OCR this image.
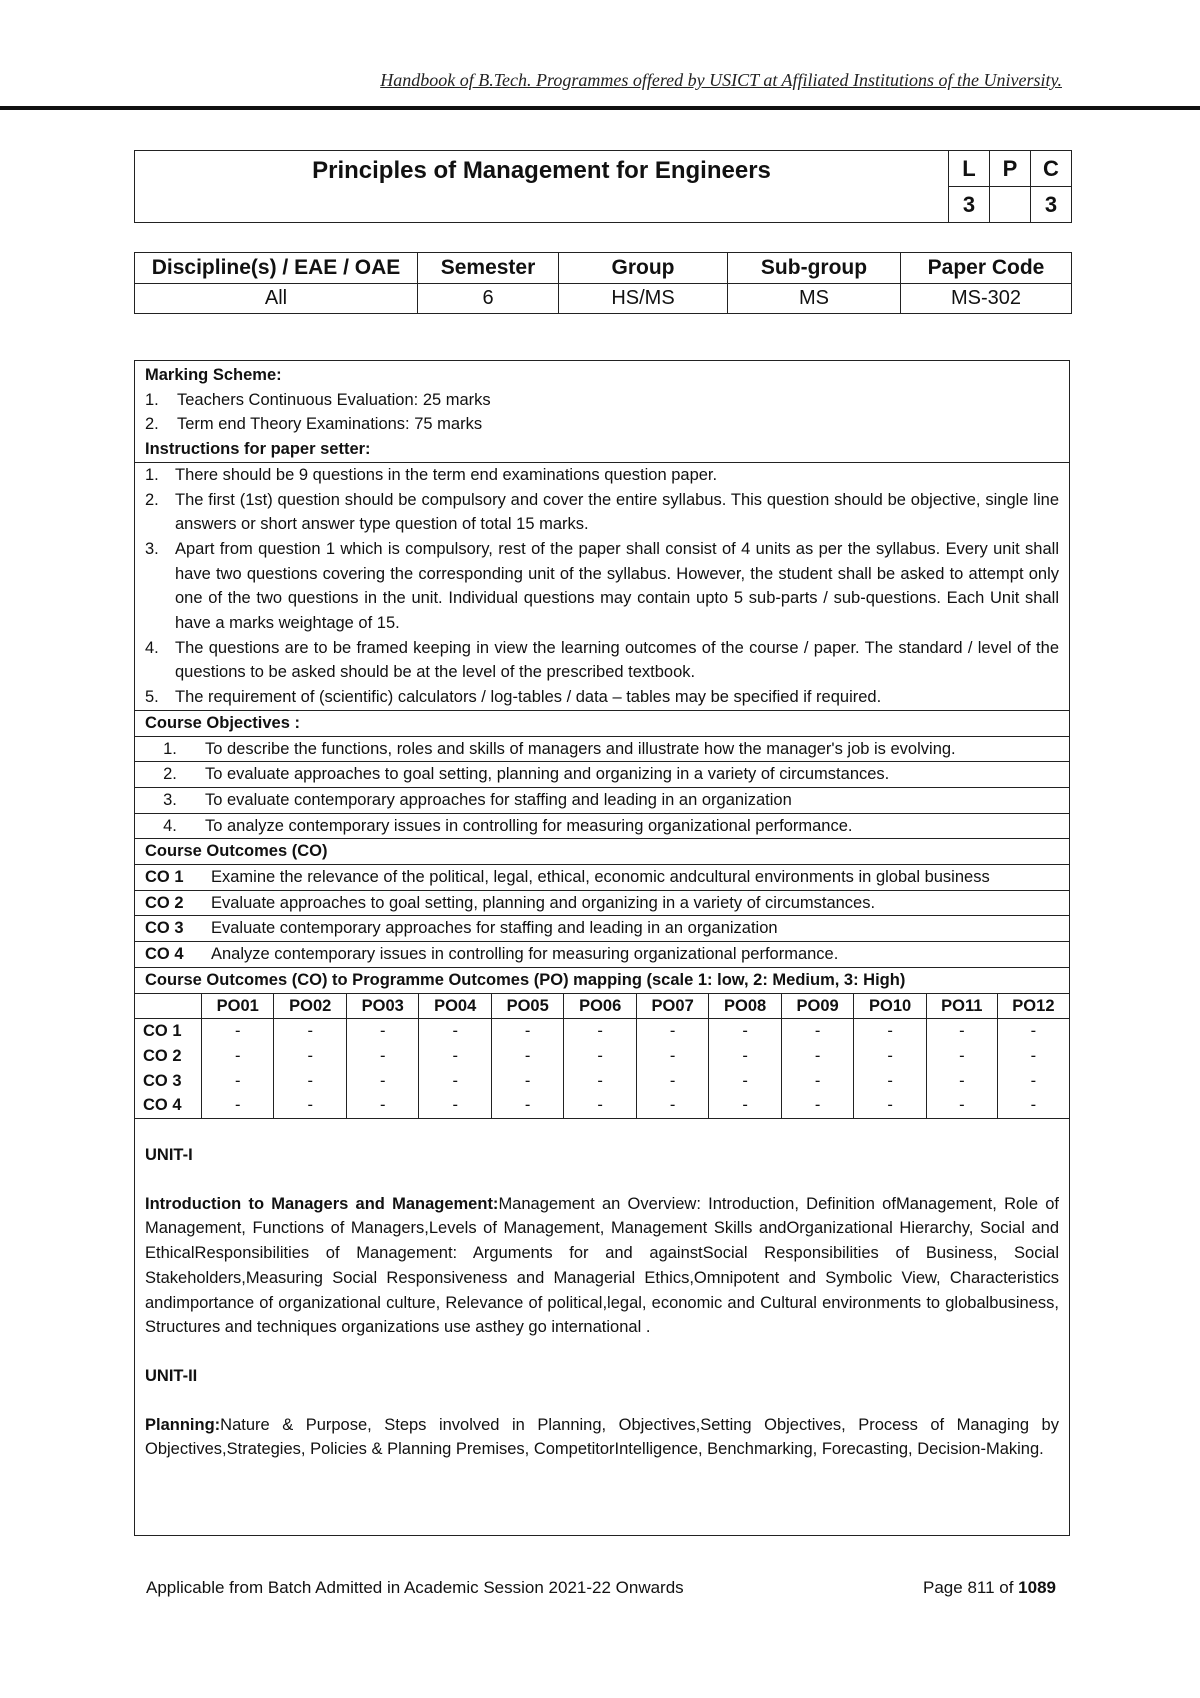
Handbook of B.Tech. Programmes offered by USICT at Affiliated Institutions of the University.
Principles of Management for Engineers	L	P	C
	3		3
Discipline(s) / EAE / OAE	Semester	Group	Sub-group	Paper Code
All	6	HS/MS	MS	MS-302
Marking Scheme:
1.	Teachers Continuous Evaluation: 25 marks
2.	Term end Theory Examinations: 75 marks
Instructions for paper setter:
1. There should be 9 questions in the term end examinations question paper.
2. The first (1st) question should be compulsory and cover the entire syllabus. This question should be objective, single line answers or short answer type question of total 15 marks.
3. Apart from question 1 which is compulsory, rest of the paper shall consist of 4 units as per the syllabus. Every unit shall have two questions covering the corresponding unit of the syllabus. However, the student shall be asked to attempt only one of the two questions in the unit. Individual questions may contain upto 5 sub-parts / sub-questions. Each Unit shall have a marks weightage of 15.
4. The questions are to be framed keeping in view the learning outcomes of the course / paper. The standard / level of the questions to be asked should be at the level of the prescribed textbook.
5. The requirement of (scientific) calculators / log-tables / data – tables may be specified if required.
Course Objectives :
1.	To describe the functions, roles and skills of managers and illustrate how the manager's job is evolving.
2.	To evaluate approaches to goal setting, planning and organizing in a variety of circumstances.
3.	To evaluate contemporary approaches for staffing and leading in an organization
4.	To analyze contemporary issues in controlling for measuring organizational performance.
Course Outcomes (CO)
CO 1	Examine the relevance of the political, legal, ethical, economic andcultural environments in global business
CO 2	Evaluate approaches to goal setting, planning and organizing in a variety of circumstances.
CO 3	Evaluate contemporary approaches for staffing and leading in an organization
CO 4	Analyze contemporary issues in controlling for measuring organizational performance.
Course Outcomes (CO) to Programme Outcomes (PO) mapping (scale 1: low, 2: Medium, 3: High)
	PO01	PO02	PO03	PO04	PO05	PO06	PO07	PO08	PO09	PO10	PO11	PO12
CO 1	-	-	-	-	-	-	-	-	-	-	-	-
CO 2	-	-	-	-	-	-	-	-	-	-	-	-
CO 3	-	-	-	-	-	-	-	-	-	-	-	-
CO 4	-	-	-	-	-	-	-	-	-	-	-	-
UNIT-I
Introduction to Managers and Management:Management an Overview: Introduction, Definition ofManagement, Role of Management, Functions of Managers,Levels of Management, Management Skills andOrganizational Hierarchy, Social and EthicalResponsibilities of Management: Arguments for and againstSocial Responsibilities of Business, Social Stakeholders,Measuring Social Responsiveness and Managerial Ethics,Omnipotent and Symbolic View, Characteristics andimportance of organizational culture, Relevance of political,legal, economic and Cultural environments to globalbusiness, Structures and techniques organizations use asthey go international .
UNIT-II
Planning:Nature & Purpose, Steps involved in Planning, Objectives,Setting Objectives, Process of Managing by Objectives,Strategies, Policies & Planning Premises, CompetitorIntelligence, Benchmarking, Forecasting, Decision-Making.
Applicable from Batch Admitted in Academic Session 2021-22 Onwards	Page 811 of 1089
